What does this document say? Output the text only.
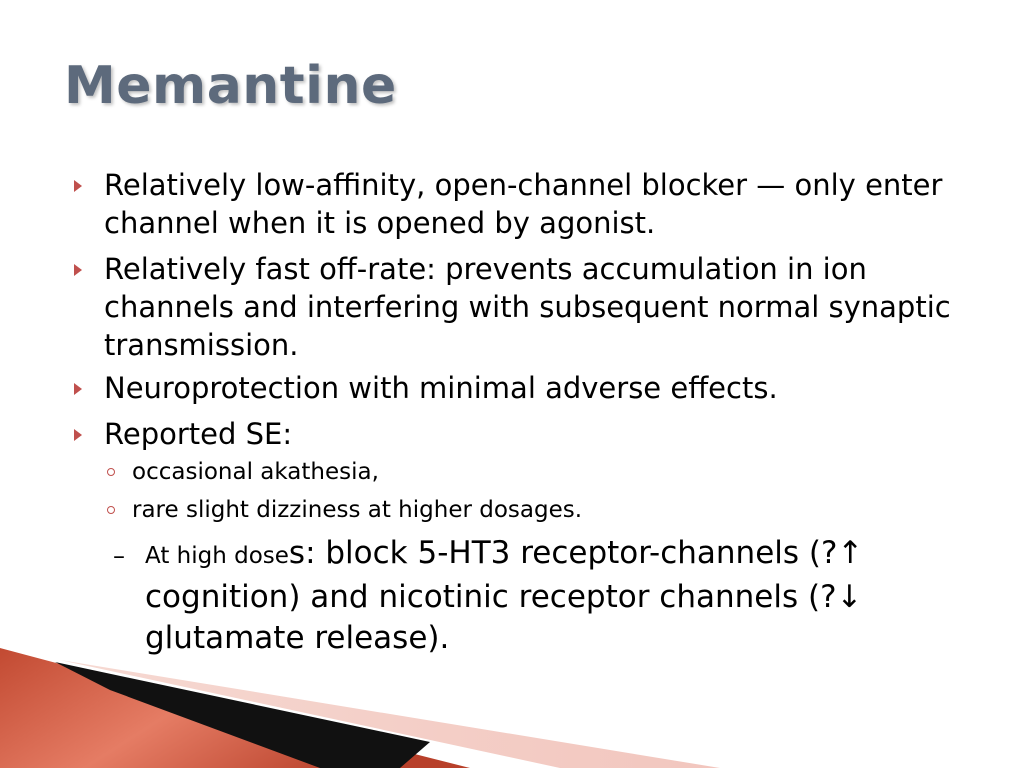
Memantine
Relatively low-affinity, open-channel blocker — only enter channel when it is opened by agonist.
Relatively fast off-rate: prevents accumulation in ion channels and interfering with subsequent normal synaptic transmission.
Neuroprotection with minimal adverse effects.
Reported SE:
occasional akathesia,
rare slight dizziness at higher dosages.
– At high doses: block 5-HT3 receptor-channels (?↑ cognition) and nicotinic receptor channels (?↓ glutamate release).
